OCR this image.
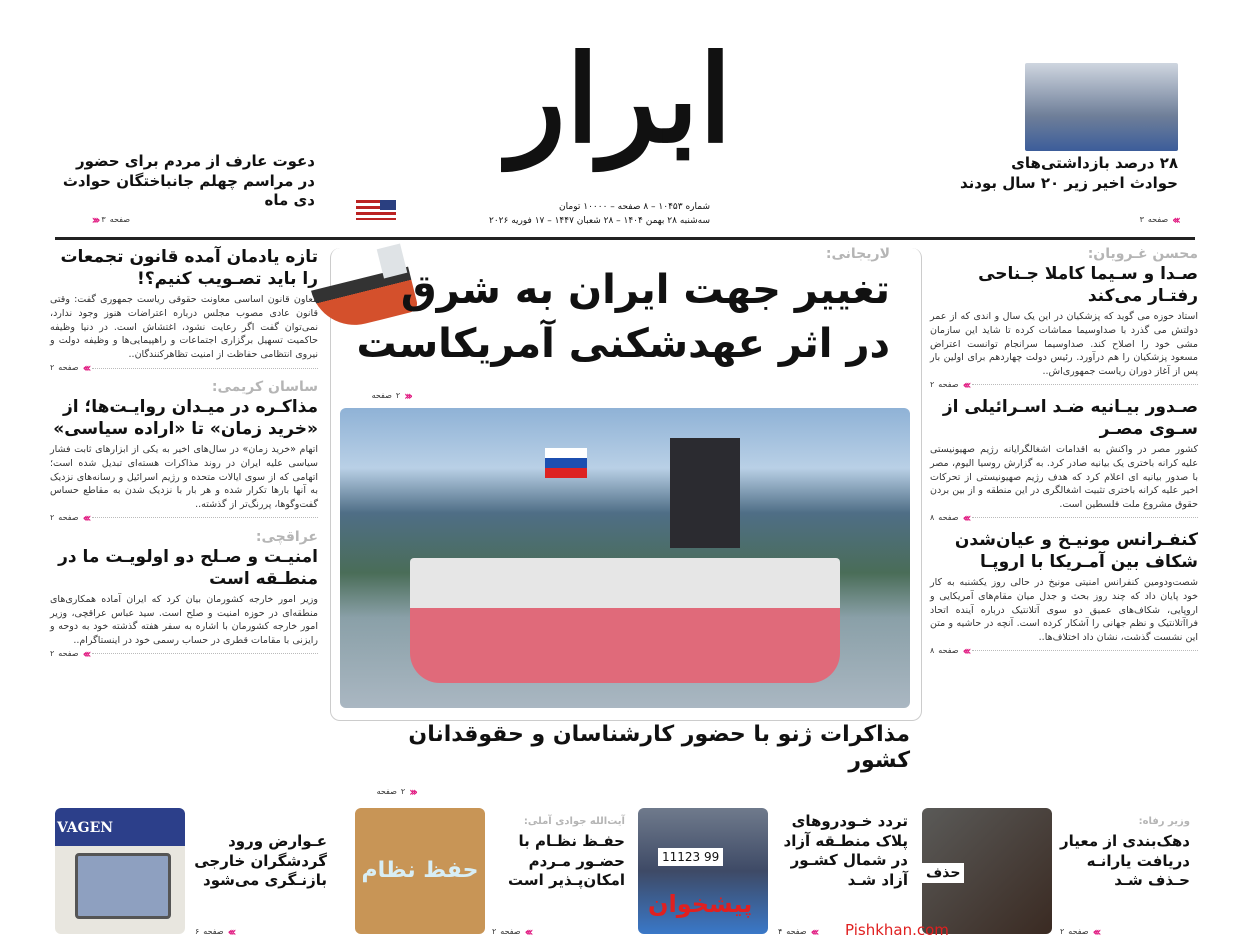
ابرار
شماره ۱۰۴۵۳ – ۸ صفحه – ۱۰۰۰۰ تومان
سه‌شنبه ۲۸ بهمن ۱۴۰۴ – ۲۸ شعبان ۱۴۴۷ – ۱۷ فوریه ۲۰۲۶
دعوت عارف از مردم برای حضور در مراسم چهلم جانباختگان حوادث دی ماه
صفحه
۳
‹‹‹
۲۸ درصد بازداشتی‌های حوادث اخیر زیر ۲۰ سال بودند
›››
صفحه
۳
لاریجانی:
تغییر جهت ایران به شرق
در اثر عهدشکنی آمریکاست
‹‹‹
۲
صفحه
مذاکرات ژنو با حضور کارشناسان و حقوقدانان کشور
‹‹‹
۲
صفحه
تازه یادمان آمده قانون تجمعات را باید تصـویب کنیم؟!
معاون قانون اساسی معاونت حقوقی ریاست جمهوری گفت: وقتی قانون عادی مصوب مجلس درباره اعتراضات هنوز وجود ندارد، نمی‌توان گفت اگر رعایت نشود، اغتشاش است. در دنیا وظیفه حاکمیت تسهیل برگزاری اجتماعات و راهپیمایی‌ها و وظیفه دولت و نیروی انتظامی حفاظت از امنیت تظاهرکنندگان..
۲ صفحه ‹‹‹
ساسان کریمی:
مذاکـره در میـدان روایـت‌ها؛ از «خرید زمان» تا «اراده سیاسی»
اتهام «خرید زمان» در سال‌های اخیر به یکی از ابزارهای ثابت فشار سیاسی علیه ایران در روند مذاکرات هسته‌ای تبدیل شده است؛ اتهامی که از سوی ایالات متحده و رژیم اسرائیل و رسانه‌های نزدیک به آنها بارها تکرار شده و هر بار با نزدیک شدن به مقاطع حساس گفت‌وگوها، پررنگ‌تر از گذشته..
۲ صفحه ‹‹‹
عراقچی:
امنیـت و صـلح دو اولویـت ما در منطـقه است
وزیر امور خارجه کشورمان بیان کرد که ایران آماده همکاری‌های منطقه‌ای در حوزه امنیت و صلح است. سید عباس عراقچی، وزیر امور خارجه کشورمان با اشاره به سفر هفته گذشته خود به دوحه و رایزنی با مقامات قطری در حساب رسمی خود در اینستاگرام..
۲ صفحه ‹‹‹
محسن غـرویان:
صـدا و سـیما کاملا جـناحی رفتـار می‌کند
استاد حوزه می گوید که پزشکیان در این یک سال و اندی که از عمر دولتش می گذرد با صداوسیما مماشات کرده تا شاید این سازمان مشی خود را اصلاح کند. صداوسیما سرانجام توانست اعتراض مسعود پزشکیان را هم درآورد. رئیس دولت چهاردهم برای اولین بار پس از آغاز دوران ریاست جمهوری‌اش..
۲ صفحه ‹‹‹
صـدور بیـانیه ضـد اسـرائیلی از سـوی مصـر
کشور مصر در واکنش به اقدامات اشغالگرایانه رژیم صهیونیستی علیه کرانه باختری یک بیانیه صادر کرد. به گزارش روسیا الیوم، مصر با صدور بیانیه ای اعلام کرد که هدف رژیم صهیونیستی از تحرکات اخیر علیه کرانه باختری تثبیت اشغالگری در این منطقه و از بین بردن حقوق مشروع ملت فلسطین است.
۸ صفحه ‹‹‹
کنفـرانس مونیـخ و عیان‌شدن شکاف بین آمـریکا با اروپـا
شصت‌ودومین کنفرانس امنیتی مونیخ در حالی روز یکشنبه به کار خود پایان داد که چند روز بحث و جدل میان مقام‌های آمریکایی و اروپایی، شکاف‌های عمیق دو سوی آتلانتیک درباره آینده اتحاد فراآتلانتیک و نظم جهانی را آشکار کرده است. آنچه در حاشیه و متن این نشست گذشت، نشان داد اختلاف‌ها..
۸ صفحه ‹‹‹
حذف
وزیر رفاه:
دهک‌بندی از معیار دریافت یارانـه حـذف شـد
۲ صفحه ‹‹‹
11123 99
پیشخوان
تردد خـودروهای پلاک منطـقه آزاد در شمال کشـور آزاد شـد
Pishkhan.com
۴ صفحه ‹‹‹
حفظ نظام
آیت‌الله جوادی آملی:
حفـظ نظـام با حضـور مـردم امکان‌پـذیر است
۲ صفحه ‹‹‹
VAGEN
عـوارض ورود گردشگران خارجی بازنـگری می‌شود
۶ صفحه ‹‹‹
